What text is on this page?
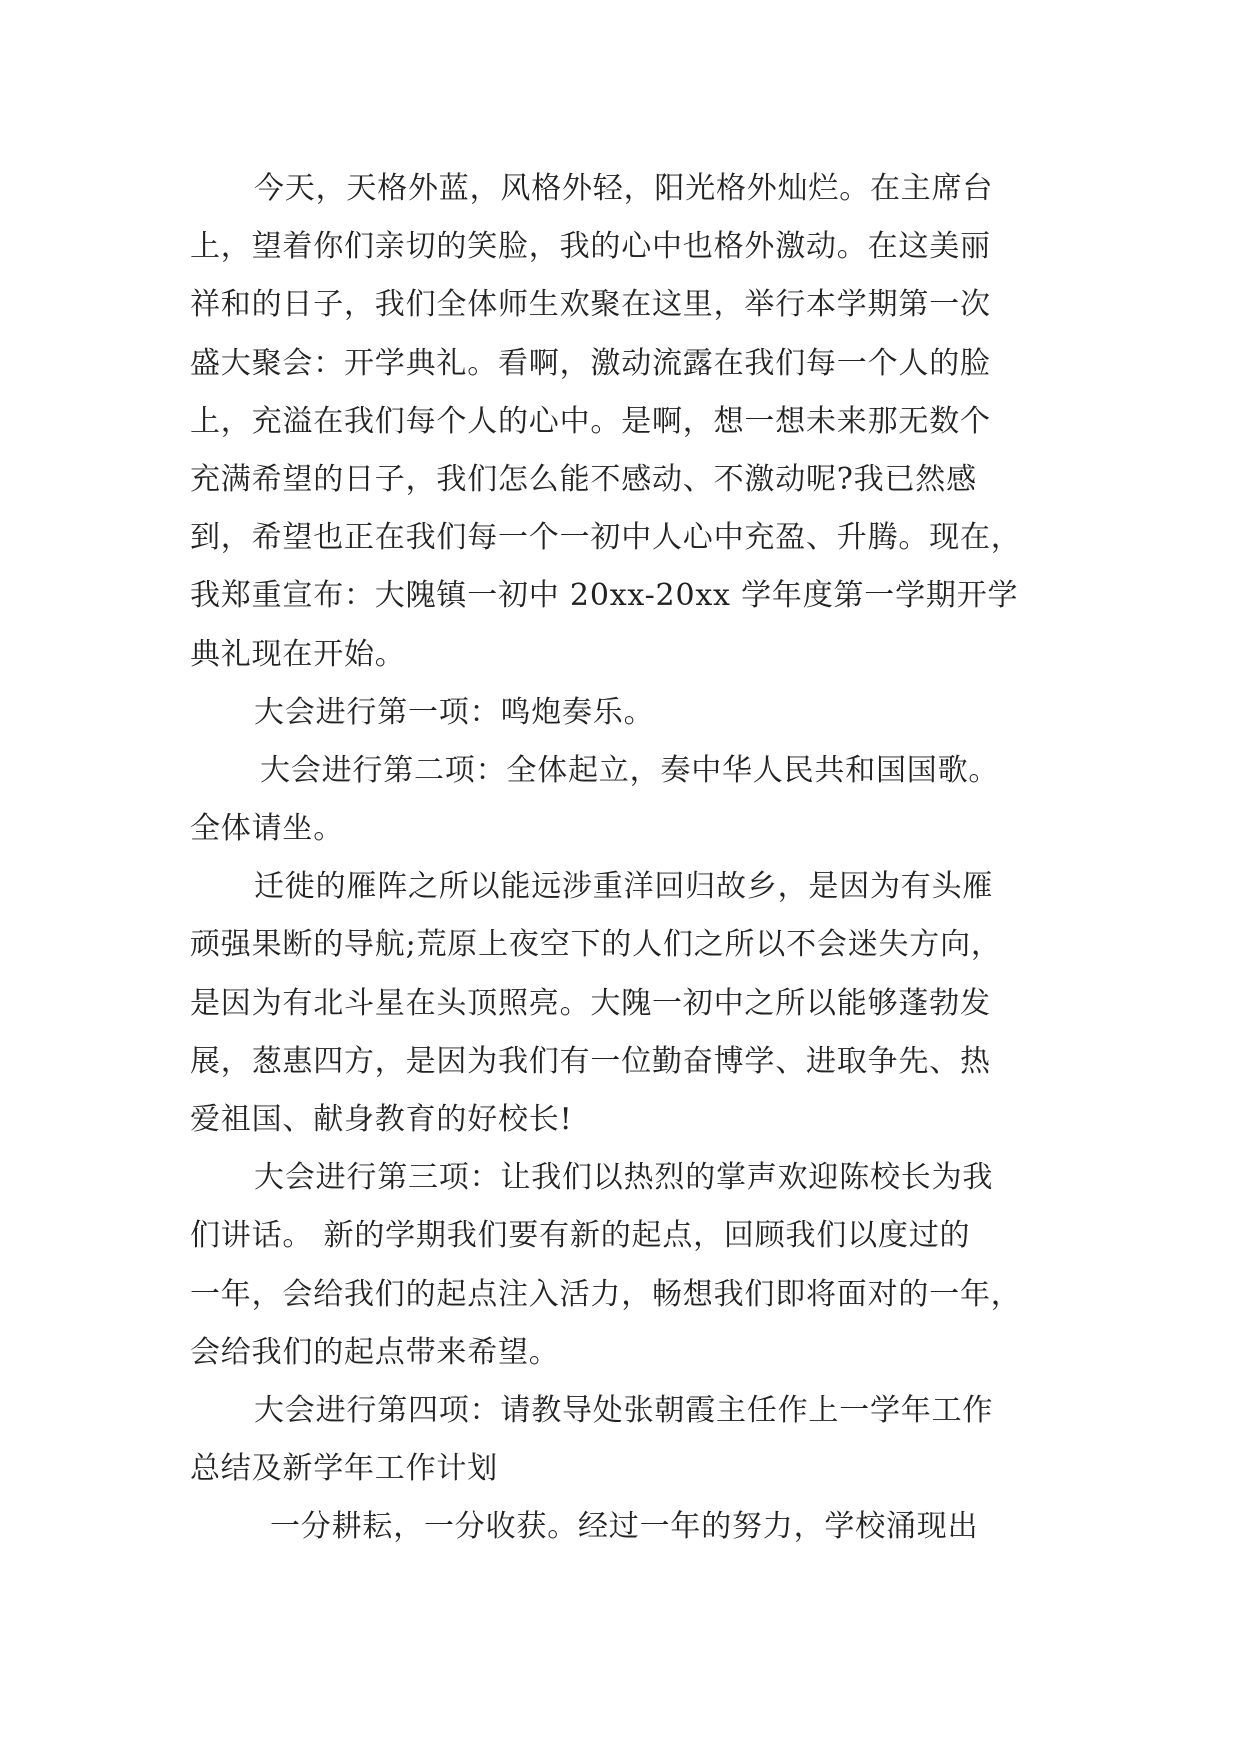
今天，天格外蓝，风格外轻，阳光格外灿烂。在主席台
上，望着你们亲切的笑脸，我的心中也格外激动。在这美丽
祥和的日子，我们全体师生欢聚在这里，举行本学期第一次
盛大聚会：开学典礼。看啊，激动流露在我们每一个人的脸
上，充溢在我们每个人的心中。是啊，想一想未来那无数个
充满希望的日子，我们怎么能不感动、不激动呢?我已然感
到，希望也正在我们每一个一初中人心中充盈、升腾。现在，
我郑重宣布：大隗镇一初中 20xx-20xx 学年度第一学期开学
典礼现在开始。
大会进行第一项：鸣炮奏乐。
大会进行第二项：全体起立，奏中华人民共和国国歌。
全体请坐。
迁徙的雁阵之所以能远涉重洋回归故乡，是因为有头雁
顽强果断的导航;荒原上夜空下的人们之所以不会迷失方向，
是因为有北斗星在头顶照亮。大隗一初中之所以能够蓬勃发
展，葱惠四方，是因为我们有一位勤奋博学、进取争先、热
爱祖国、献身教育的好校长!
大会进行第三项：让我们以热烈的掌声欢迎陈校长为我
们讲话。 新的学期我们要有新的起点，回顾我们以度过的
一年，会给我们的起点注入活力，畅想我们即将面对的一年，
会给我们的起点带来希望。
大会进行第四项：请教导处张朝霞主任作上一学年工作
总结及新学年工作计划
一分耕耘，一分收获。经过一年的努力，学校涌现出
